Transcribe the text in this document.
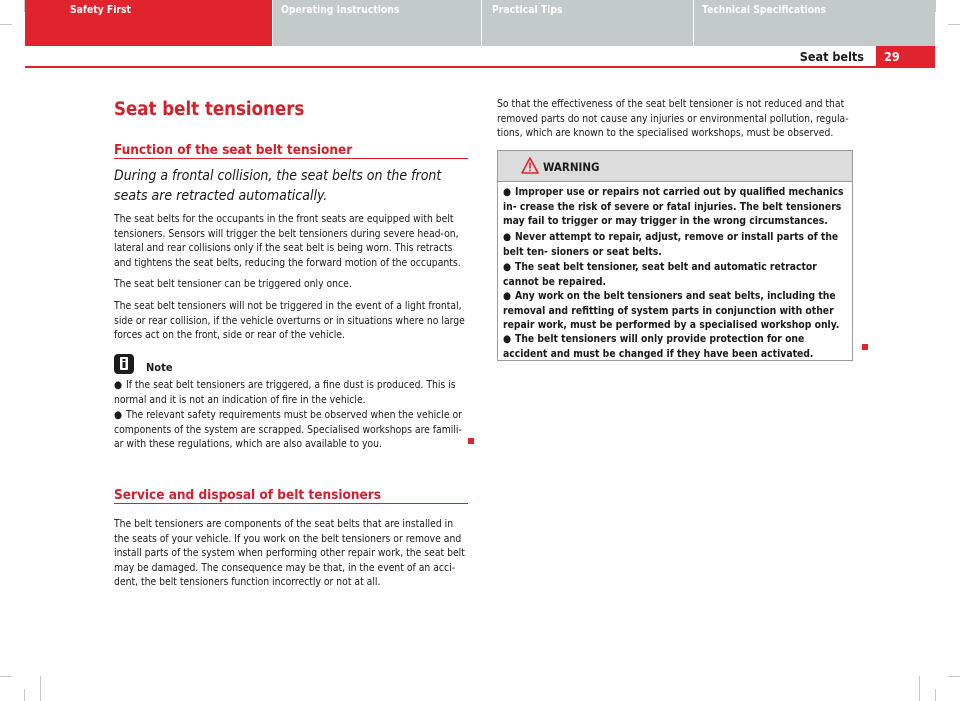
29
Seat belts
Seat belt tensioners
Function of the seat belt tensioner
During a frontal collision, the seat belts on the front seats are retracted automatically.
The seat belts for the occupants in the front seats are equipped with belt tensioners. Sensors will trigger the belt tensioners during severe head-on, lateral and rear collisions only if the seat belt is being worn. This retracts and tightens the seat belts, reducing the forward motion of the occupants.
The seat belt tensioner can be triggered only once.
The seat belt tensioners will not be triggered in the event of a light frontal, side or rear collision, if the vehicle overturns or in situations where no large forces act on the front, side or rear of the vehicle.
Note
● If the seat belt tensioners are triggered, a fine dust is produced. This is normal and it is not an indication of fire in the vehicle.
● The relevant safety requirements must be observed when the vehicle or components of the system are scrapped. Specialised workshops are famili‐ ar with these regulations, which are also available to you.
Service and disposal of belt tensioners
The belt tensioners are components of the seat belts that are installed in the seats of your vehicle. If you work on the belt tensioners or remove and install parts of the system when performing other repair work, the seat belt may be damaged. The consequence may be that, in the event of an acci‐ dent, the belt tensioners function incorrectly or not at all.
So that the effectiveness of the seat belt tensioner is not reduced and that removed parts do not cause any injuries or environmental pollution, regula‐ tions, which are known to the specialised workshops, must be observed.
WARNING
● Improper use or repairs not carried out by qualified mechanics in‐ crease the risk of severe or fatal injuries. The belt tensioners may fail to trigger or may trigger in the wrong circumstances.
● Never attempt to repair, adjust, remove or install parts of the belt ten‐ sioners or seat belts.
● The seat belt tensioner, seat belt and automatic retractor cannot be repaired.
● Any work on the belt tensioners and seat belts, including the removal and refitting of system parts in conjunction with other repair work, must be performed by a specialised workshop only.
● The belt tensioners will only provide protection for one accident and must be changed if they have been activated.
Safety First	Operating Instructions	Practical Tips	Technical Specifications
